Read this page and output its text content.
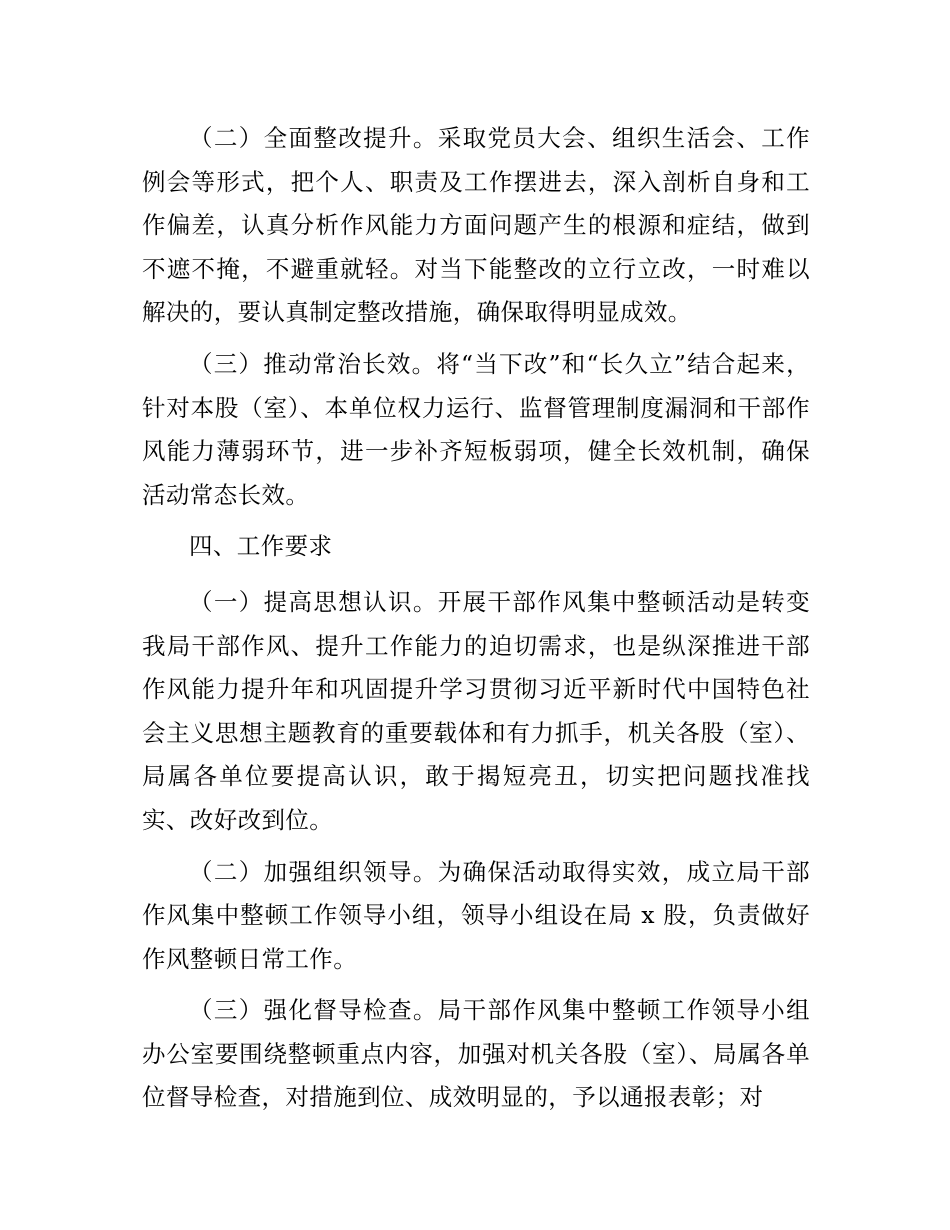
（二）全面整改提升。采取党员大会、组织生活会、工作例会等形式，把个人、职责及工作摆进去，深入剖析自身和工作偏差，认真分析作风能力方面问题产生的根源和症结，做到不遮不掩，不避重就轻。对当下能整改的立行立改，一时难以解决的，要认真制定整改措施，确保取得明显成效。

（三）推动常治长效。将“当下改”和“长久立”结合起来，针对本股（室）、本单位权力运行、监督管理制度漏洞和干部作风能力薄弱环节，进一步补齐短板弱项，健全长效机制，确保活动常态长效。

四、工作要求

（一）提高思想认识。开展干部作风集中整顿活动是转变我局干部作风、提升工作能力的迫切需求，也是纵深推进干部作风能力提升年和巩固提升学习贯彻习近平新时代中国特色社会主义思想主题教育的重要载体和有力抓手，机关各股（室）、局属各单位要提高认识，敢于揭短亮丑，切实把问题找准找实、改好改到位。

（二）加强组织领导。为确保活动取得实效，成立局干部作风集中整顿工作领导小组，领导小组设在局 x 股，负责做好作风整顿日常工作。

（三）强化督导检查。局干部作风集中整顿工作领导小组办公室要围绕整顿重点内容，加强对机关各股（室）、局属各单位督导检查，对措施到位、成效明显的，予以通报表彰；对
